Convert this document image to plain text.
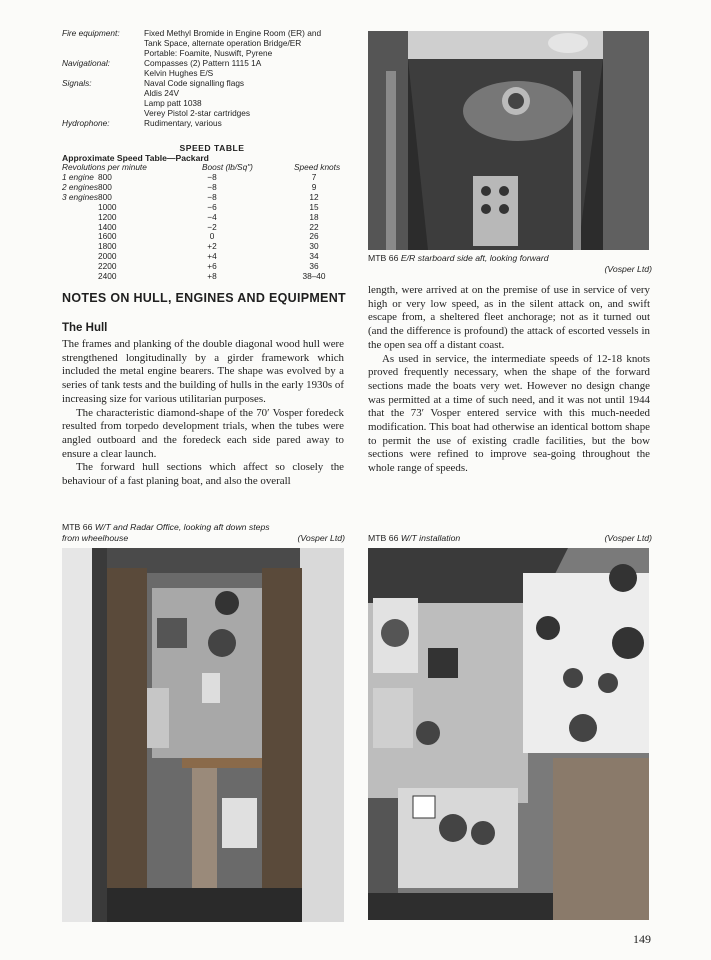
Fire equipment:	Fixed Methyl Bromide in Engine Room (ER) and
Tank Space, alternate operation Bridge/ER
Portable: Foamite, Nuswift, Pyrene
Navigational:	Compasses (2) Pattern 1115 1A
Kelvin Hughes E/S
Signals:	Naval Code signalling flags
Aldis 24V
Lamp patt 1038
Verey Pistol 2-star cartridges
Hydrophone:	Rudimentary, various
SPEED TABLE
Approximate Speed Table—Packard
Revolutions per minute	Boost (lb/Sq")	Speed knots
1 engine 800	−8	7
2 engines 800	−8	9
3 engines 800	−8	12
1000	−6	15
1200	−4	18
1400	−2	22
1600	0	26
1800	+2	30
2000	+4	34
2200	+6	36
2400	+8	38–40
NOTES ON HULL, ENGINES AND EQUIPMENT
The Hull

The frames and planking of the double diagonal wood hull were strengthened longitudinally by a girder framework which included the metal engine bearers. The shape was evolved by a series of tank tests and the building of hulls in the early 1930s of increasing size for various utilitarian purposes.

The characteristic diamond-shape of the 70′ Vosper foredeck resulted from torpedo development trials, when the tubes were angled outboard and the foredeck each side pared away to ensure a clear launch.

The forward hull sections which affect so closely the behaviour of a fast planing boat, and also the overall

length, were arrived at on the premise of use in service of very high or very low speed, as in the silent attack on, and swift escape from, a sheltered fleet anchorage; not as it turned out (and the difference is profound) the attack of escorted vessels in the open sea off a distant coast.

As used in service, the intermediate speeds of 12-18 knots proved frequently necessary, when the shape of the forward sections made the boats very wet. However no design change was permitted at a time of such need, and it was not until 1944 that the 73′ Vosper entered service with this much-needed modification. This boat had otherwise an identical bottom shape to permit the use of existing cradle facilities, but the bow sections were refined to improve sea-going throughout the whole range of speeds.

MTB 66 E/R starboard side aft, looking forward
(Vosper Ltd)
MTB 66 W/T and Radar Office, looking aft down steps
from wheelhouse	(Vosper Ltd)	MTB 66 W/T installation	(Vosper Ltd)
149
